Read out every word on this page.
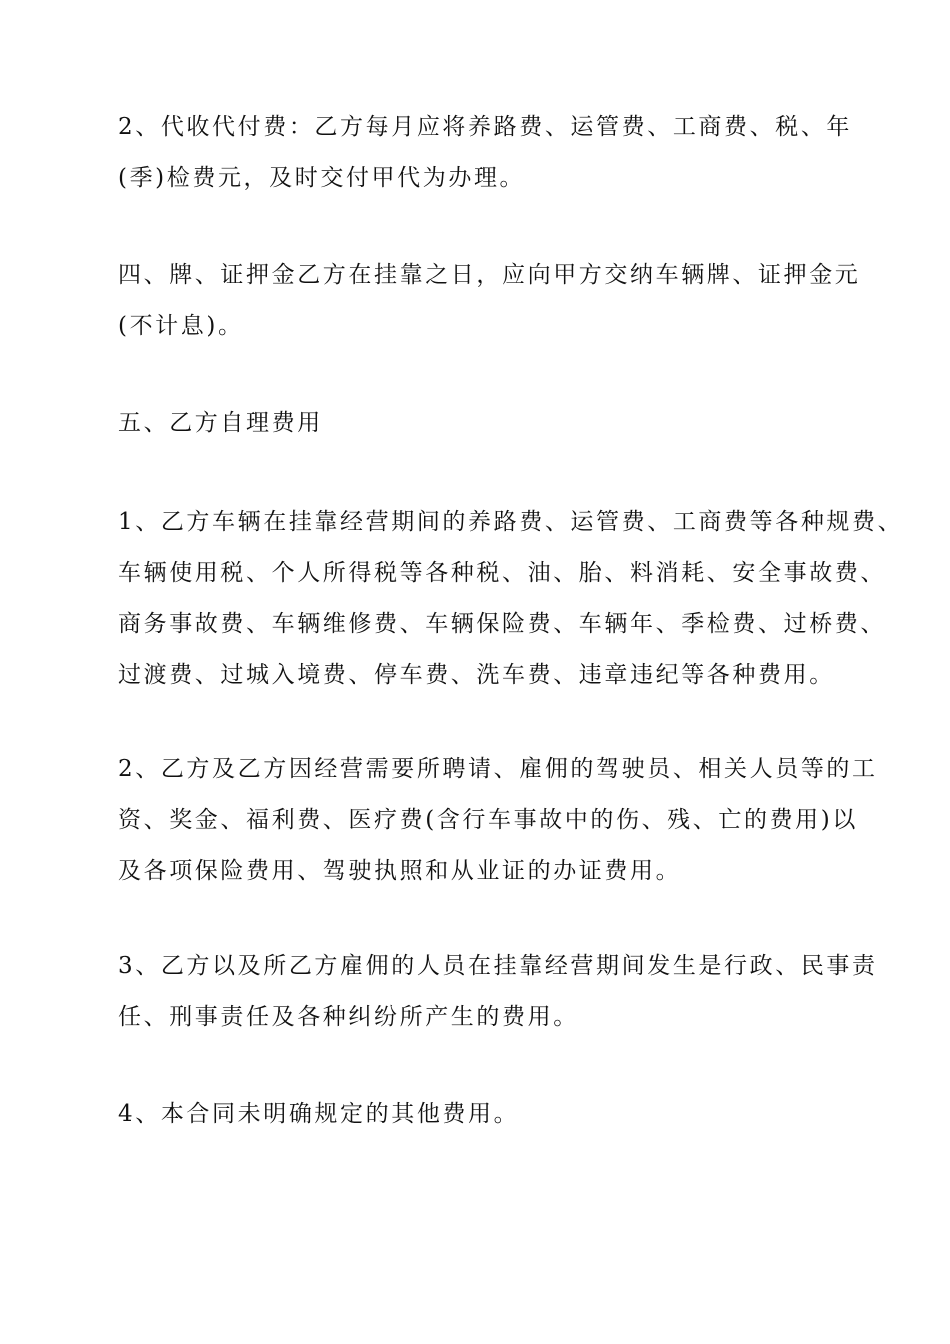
2、代收代付费：乙方每月应将养路费、运管费、工商费、税、年
(季)检费元，及时交付甲代为办理。

四、牌、证押金乙方在挂靠之日，应向甲方交纳车辆牌、证押金元
(不计息)。

五、乙方自理费用

1、乙方车辆在挂靠经营期间的养路费、运管费、工商费等各种规费、
车辆使用税、个人所得税等各种税、油、胎、料消耗、安全事故费、
商务事故费、车辆维修费、车辆保险费、车辆年、季检费、过桥费、
过渡费、过城入境费、停车费、洗车费、违章违纪等各种费用。

2、乙方及乙方因经营需要所聘请、雇佣的驾驶员、相关人员等的工
资、奖金、福利费、医疗费(含行车事故中的伤、残、亡的费用)以
及各项保险费用、驾驶执照和从业证的办证费用。

3、乙方以及所乙方雇佣的人员在挂靠经营期间发生是行政、民事责
任、刑事责任及各种纠纷所产生的费用。

4、本合同未明确规定的其他费用。
